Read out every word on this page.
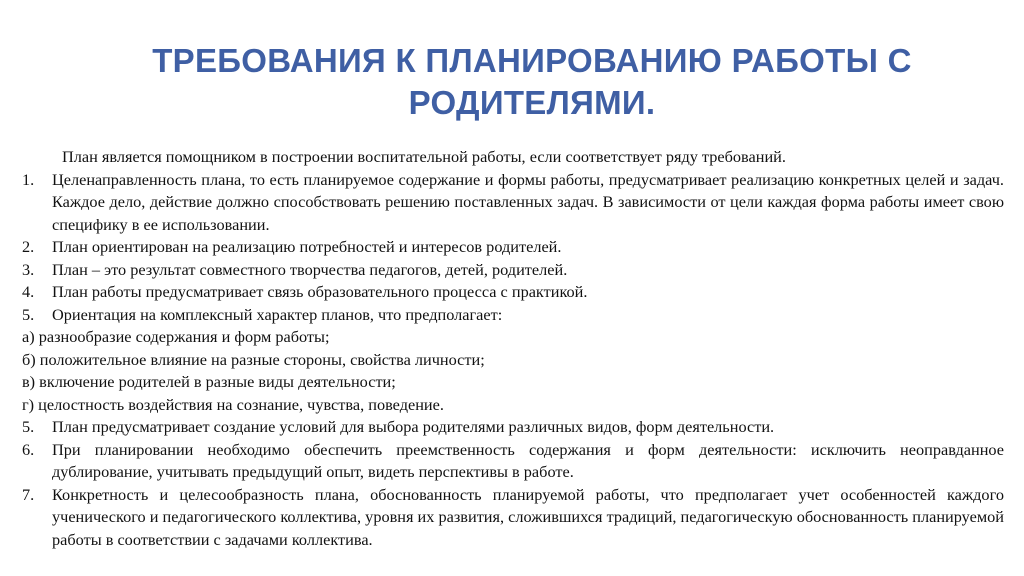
ТРЕБОВАНИЯ К ПЛАНИРОВАНИЮ РАБОТЫ С
РОДИТЕЛЯМИ.

План является помощником в построении воспитательной работы, если соответствует ряду требований.

1.	Целенаправленность плана, то есть планируемое содержание и формы работы, предусматривает реализацию конкретных целей и задач. Каждое дело, действие должно способствовать решению поставленных задач. В зависимости от цели каждая форма работы имеет свою специфику в ее использовании.
2.	План ориентирован на реализацию потребностей и интересов родителей.
3.	План – это результат совместного творчества педагогов, детей, родителей.
4.	План работы предусматривает связь образовательного процесса с практикой.
5.	Ориентация на комплексный характер планов, что предполагает:

а) разнообразие содержания и форм работы;

б) положительное влияние на разные стороны, свойства личности;

в) включение родителей в разные виды деятельности;

г) целостность воздействия на сознание, чувства, поведение.

5.	План предусматривает создание условий для выбора родителями различных видов, форм деятельности.
6.	При планировании необходимо обеспечить преемственность содержания и форм деятельности: исключить неоправданное дублирование, учитывать предыдущий опыт, видеть перспективы в работе.
7.	Конкретность и целесообразность плана, обоснованность планируемой работы, что предполагает учет особенностей каждого ученического и педагогического коллектива, уровня их развития, сложившихся традиций, педагогическую обоснованность планируемой работы в соответствии с задачами коллектива.
